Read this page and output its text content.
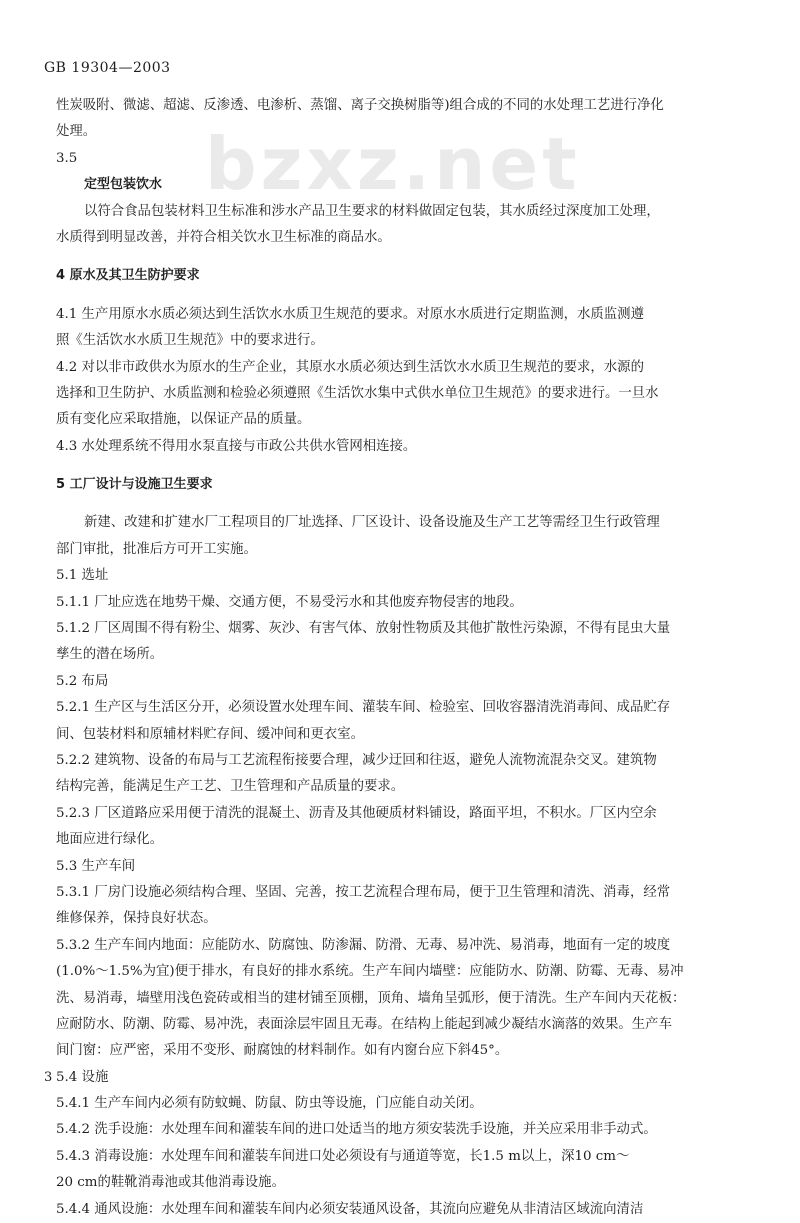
GB 19304—2003
bzxz.net
性炭吸附、微滤、超滤、反渗透、电渗析、蒸馏、离子交换树脂等)组合成的不同的水处理工艺进行净化
处理。
3.5
定型包装饮水
以符合食品包装材料卫生标准和涉水产品卫生要求的材料做固定包装，其水质经过深度加工处理，
水质得到明显改善，并符合相关饮水卫生标准的商品水。
4 原水及其卫生防护要求
4.1 生产用原水水质必须达到生活饮水水质卫生规范的要求。对原水水质进行定期监测，水质监测遵
照《生活饮水水质卫生规范》中的要求进行。
4.2 对以非市政供水为原水的生产企业，其原水水质必须达到生活饮水水质卫生规范的要求，水源的
选择和卫生防护、水质监测和检验必须遵照《生活饮水集中式供水单位卫生规范》的要求进行。一旦水
质有变化应采取措施，以保证产品的质量。
4.3 水处理系统不得用水泵直接与市政公共供水管网相连接。
5 工厂设计与设施卫生要求
新建、改建和扩建水厂工程项目的厂址选择、厂区设计、设备设施及生产工艺等需经卫生行政管理
部门审批，批准后方可开工实施。
5.1 选址
5.1.1 厂址应选在地势干燥、交通方便，不易受污水和其他废弃物侵害的地段。
5.1.2 厂区周围不得有粉尘、烟雾、灰沙、有害气体、放射性物质及其他扩散性污染源，不得有昆虫大量
孳生的潜在场所。
5.2 布局
5.2.1 生产区与生活区分开，必须设置水处理车间、灌装车间、检验室、回收容器清洗消毒间、成品贮存
间、包装材料和原辅材料贮存间、缓冲间和更衣室。
5.2.2 建筑物、设备的布局与工艺流程衔接要合理，减少迂回和往返，避免人流物流混杂交叉。建筑物
结构完善，能满足生产工艺、卫生管理和产品质量的要求。
5.2.3 厂区道路应采用便于清洗的混凝土、沥青及其他硬质材料铺设，路面平坦，不积水。厂区内空余
地面应进行绿化。
5.3 生产车间
5.3.1 厂房门设施必须结构合理、坚固、完善，按工艺流程合理布局，便于卫生管理和清洗、消毒，经常
维修保养，保持良好状态。
5.3.2 生产车间内地面：应能防水、防腐蚀、防渗漏、防滑、无毒、易冲洗、易消毒，地面有一定的坡度
(1.0%～1.5%为宜)便于排水，有良好的排水系统。生产车间内墙壁：应能防水、防潮、防霉、无毒、易冲
洗、易消毒，墙壁用浅色瓷砖或相当的建材铺至顶棚，顶角、墙角呈弧形，便于清洗。生产车间内天花板：
应耐防水、防潮、防霉、易冲洗，表面涂层牢固且无毒。在结构上能起到减少凝结水滴落的效果。生产车
间门窗：应严密，采用不变形、耐腐蚀的材料制作。如有内窗台应下斜45°。
5.4 设施
5.4.1 生产车间内必须有防蚊蝇、防鼠、防虫等设施，门应能自动关闭。
5.4.2 洗手设施：水处理车间和灌装车间的进口处适当的地方须安装洗手设施，并关应采用非手动式。
5.4.3 消毒设施：水处理车间和灌装车间进口处必须设有与通道等宽，长1.5 m以上，深10 cm～
20 cm的鞋靴消毒池或其他消毒设施。
5.4.4 通风设施：水处理车间和灌装车间内必须安装通风设备，其流向应避免从非清洁区域流向清洁
3
